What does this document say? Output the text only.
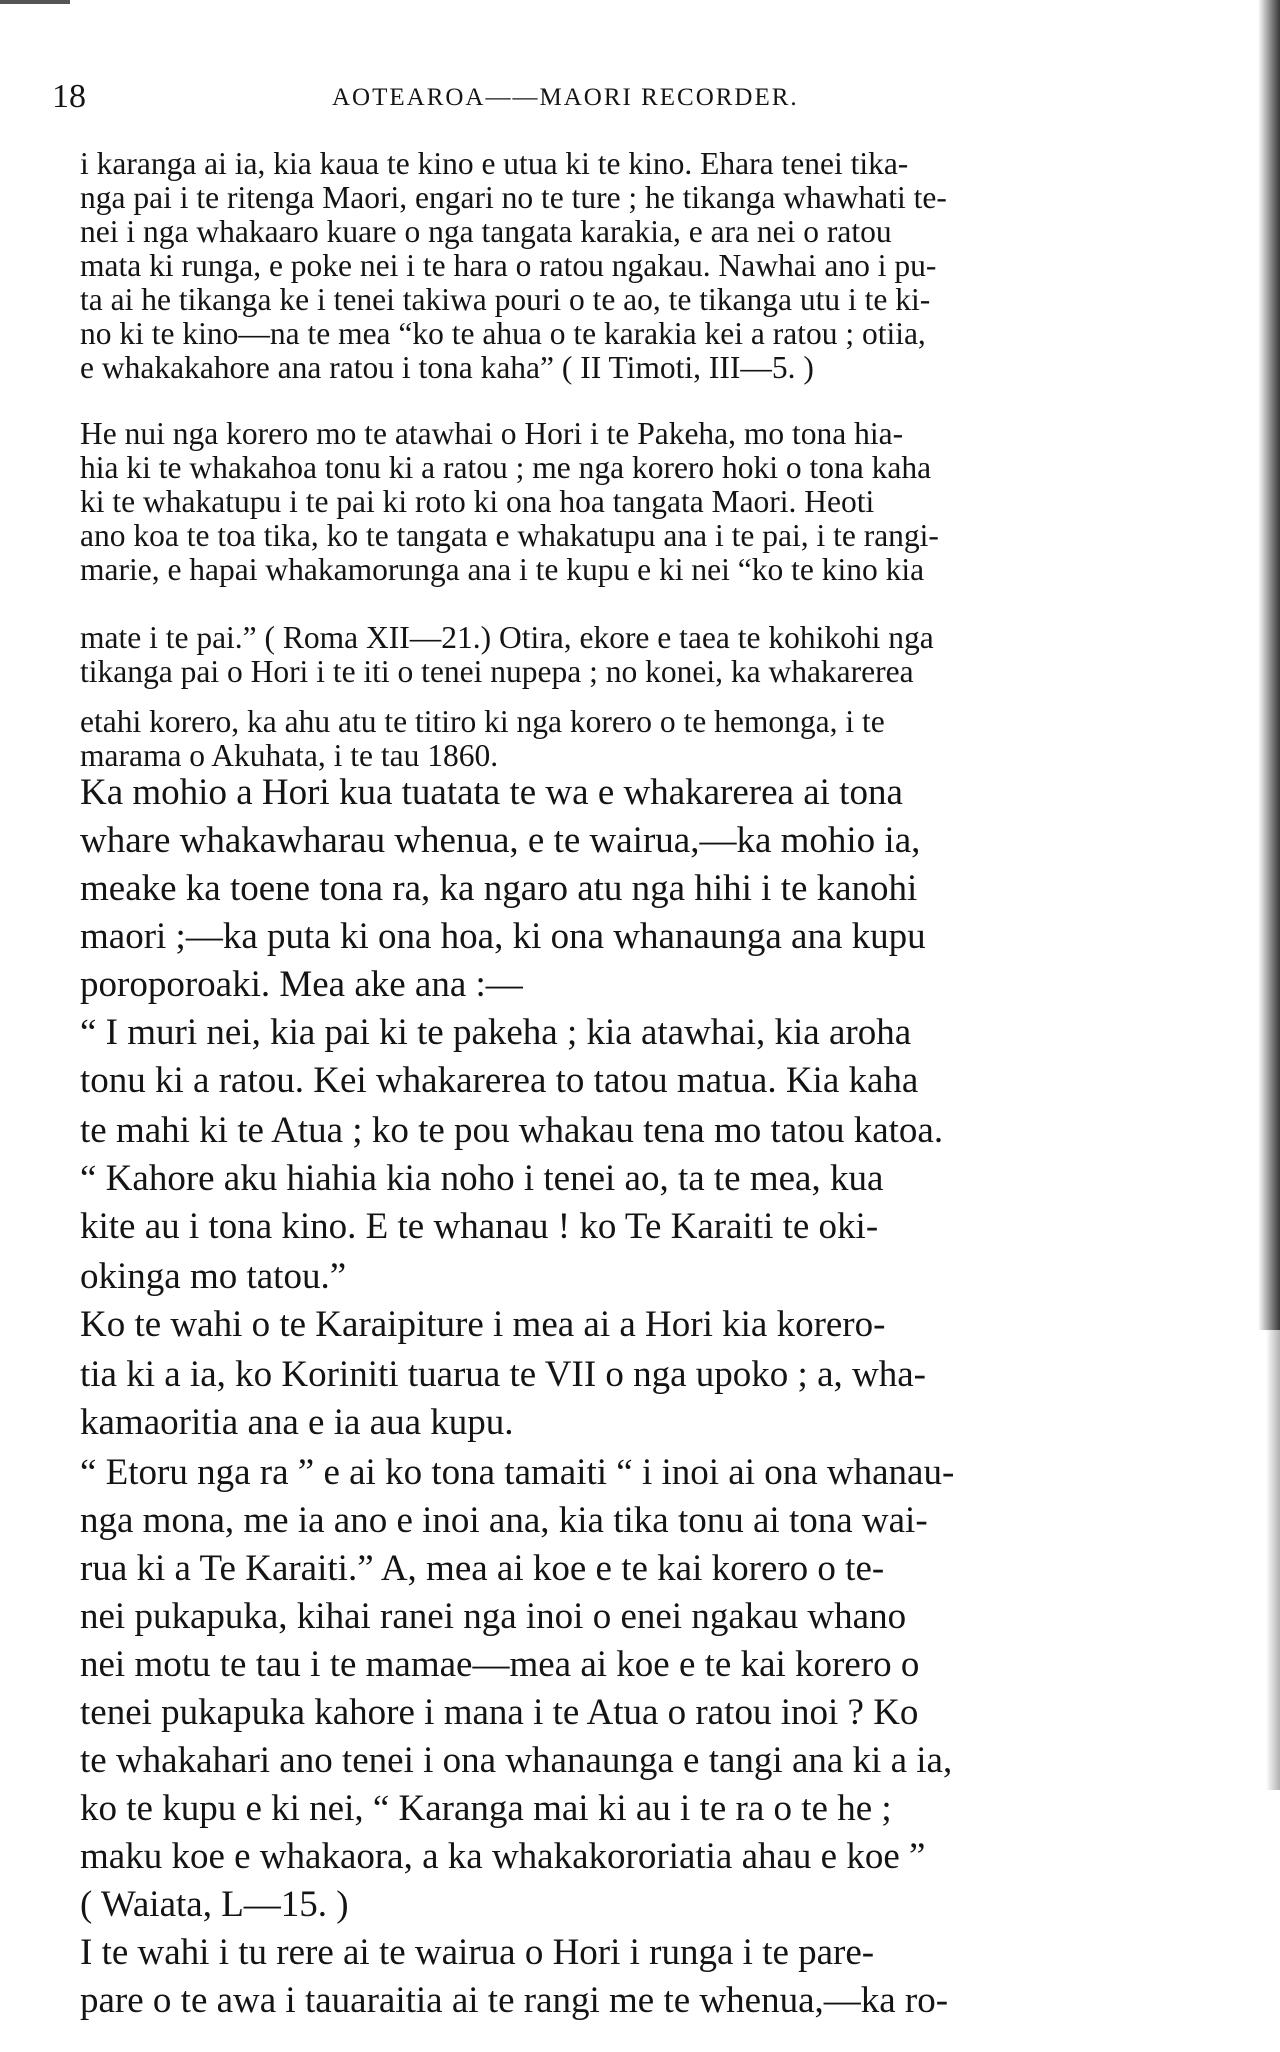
18	AOTEAROA——MAORI RECORDER.
i karanga ai ia, kia kaua te kino e utua ki te kino. Ehara tenei tika-
nga pai i te ritenga Maori, engari no te ture ; he tikanga whawhati te-
nei i nga whakaaro kuare o nga tangata karakia, e ara nei o ratou
mata ki runga, e poke nei i te hara o ratou ngakau. Nawhai ano i pu-
ta ai he tikanga ke i tenei takiwa pouri o te ao, te tikanga utu i te ki-
no ki te kino—na te mea “ko te ahua o te karakia kei a ratou ; otiia,
e whakakahore ana ratou i tona kaha” ( II Timoti, III—5. )
He nui nga korero mo te atawhai o Hori i te Pakeha, mo tona hia-
hia ki te whakahoa tonu ki a ratou ; me nga korero hoki o tona kaha
ki te whakatupu i te pai ki roto ki ona hoa tangata Maori. Heoti
ano koa te toa tika, ko te tangata e whakatupu ana i te pai, i te rangi-
marie, e hapai whakamorunga ana i te kupu e ki nei “ko te kino kia
mate i te pai.” ( Roma XII—21.) Otira, ekore e taea te kohikohi nga
tikanga pai o Hori i te iti o tenei nupepa ; no konei, ka whakarerea
etahi korero, ka ahu atu te titiro ki nga korero o te hemonga, i te
marama o Akuhata, i te tau 1860.
Ka mohio a Hori kua tuatata te wa e whakarerea ai tona
whare whakawharau whenua, e te wairua,—ka mohio ia,
meake ka toene tona ra, ka ngaro atu nga hihi i te kanohi
maori ;—ka puta ki ona hoa, ki ona whanaunga ana kupu
poroporoaki. Mea ake ana :—
“ I muri nei, kia pai ki te pakeha ; kia atawhai, kia aroha
tonu ki a ratou. Kei whakarerea to tatou matua. Kia kaha
te mahi ki te Atua ; ko te pou whakau tena mo tatou katoa.
“ Kahore aku hiahia kia noho i tenei ao, ta te mea, kua
kite au i tona kino. E te whanau ! ko Te Karaiti te oki-
okinga mo tatou.”
Ko te wahi o te Karaipiture i mea ai a Hori kia korero-
tia ki a ia, ko Koriniti tuarua te VII o nga upoko ; a, wha-
kamaoritia ana e ia aua kupu.
“ Etoru nga ra ” e ai ko tona tamaiti “ i inoi ai ona whanau-
nga mona, me ia ano e inoi ana, kia tika tonu ai tona wai-
rua ki a Te Karaiti.” A, mea ai koe e te kai korero o te-
nei pukapuka, kihai ranei nga inoi o enei ngakau whano
nei motu te tau i te mamae—mea ai koe e te kai korero o
tenei pukapuka kahore i mana i te Atua o ratou inoi ? Ko
te whakahari ano tenei i ona whanaunga e tangi ana ki a ia,
ko te kupu e ki nei, “ Karanga mai ki au i te ra o te he ;
maku koe e whakaora, a ka whakakororiatia ahau e koe ”
( Waiata, L—15. )
I te wahi i tu rere ai te wairua o Hori i runga i te pare-
pare o te awa i tauaraitia ai te rangi me te whenua,—ka ro-
